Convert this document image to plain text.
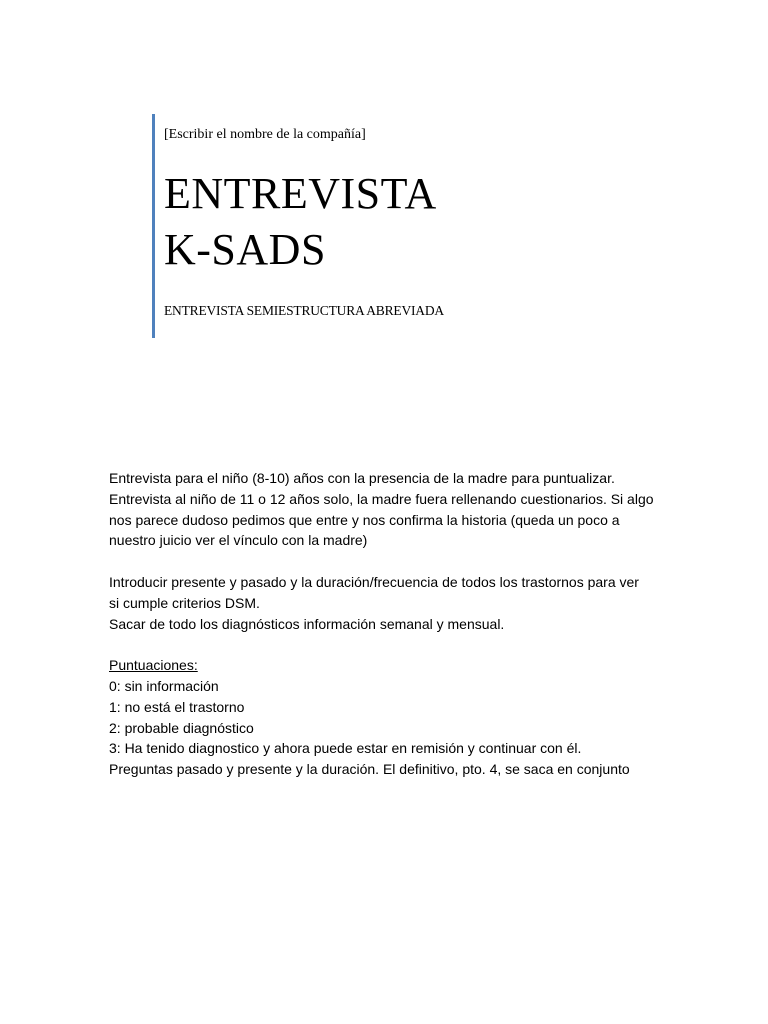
[Escribir el nombre de la compañía]
ENTREVISTA
K-SADS
ENTREVISTA SEMIESTRUCTURA ABREVIADA

Entrevista para el niño (8-10) años con la presencia de la madre para puntualizar.

Entrevista al niño de 11 o 12 años solo, la madre fuera rellenando cuestionarios. Si algo

nos parece dudoso pedimos que entre y nos confirma la historia (queda un poco a

nuestro juicio ver el vínculo con la madre)

Introducir presente y pasado y la duración/frecuencia de todos los trastornos para ver

si cumple criterios DSM.

Sacar de todo los diagnósticos información semanal y mensual.

Puntuaciones:

0: sin información

1: no está el trastorno

2: probable diagnóstico

3: Ha tenido diagnostico y ahora puede estar en remisión y continuar con él.

Preguntas pasado y presente y la duración. El definitivo, pto. 4, se saca en conjunto
